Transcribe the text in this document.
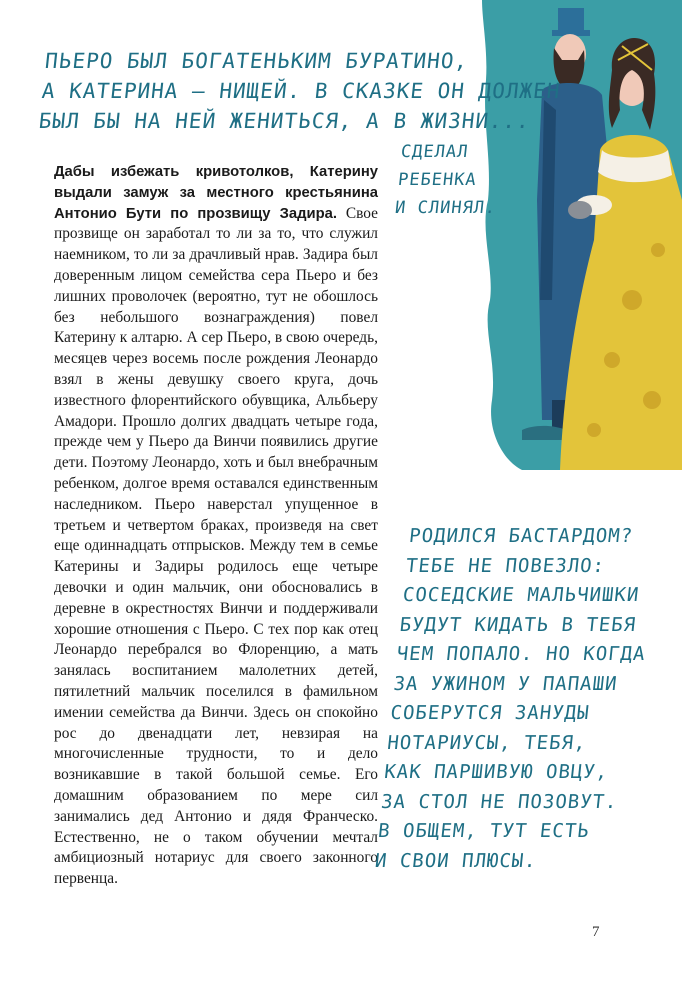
ПЬЕРО БЫЛ БОГАТЕНЬКИМ БУРАТИНО,
А КАТЕРИНА — НИЩЕЙ. В СКАЗКЕ ОН ДОЛЖЕН
БЫЛ БЫ НА НЕЙ ЖЕНИТЬСЯ, А В ЖИЗНИ...
СДЕЛАЛ
РЕБЕНКА
И СЛИНЯЛ.
Дабы избежать кривотолков, Катерину выдали замуж за местного крестьянина Антонио Бути по прозвищу Задира. Свое прозвище он заработал то ли за то, что служил наемником, то ли за драчливый нрав. Задира был доверенным лицом семейства сера Пьеро и без лишних проволочек (вероятно, тут не обошлось без небольшого вознаграждения) повел Катерину к алтарю. А сер Пьеро, в свою очередь, месяцев через восемь после рождения Леонардо взял в жены девушку своего круга, дочь известного флорентийского обувщика, Альбьеру Амадори. Прошло долгих двадцать четыре года, прежде чем у Пьеро да Винчи появились другие дети. Поэтому Леонардо, хоть и был внебрачным ребенком, долгое время оставался единственным наследником. Пьеро наверстал упущенное в третьем и четвертом браках, произведя на свет еще одиннадцать отпрысков. Между тем в семье Катерины и Задиры родилось еще четыре девочки и один мальчик, они обосновались в деревне в окрестностях Винчи и поддерживали хорошие отношения с Пьеро. С тех пор как отец Леонардо перебрался во Флоренцию, а мать занялась воспитанием малолетних детей, пятилетний мальчик поселился в фамильном имении семейства да Винчи. Здесь он спокойно рос до двенадцати лет, невзирая на многочисленные трудности, то и дело возникавшие в такой большой семье. Его домашним образованием по мере сил занимались дед Антонио и дядя Франческо. Естественно, не о таком обучении мечтал амбициозный нотариус для своего законного первенца.
РОДИЛСЯ БАСТАРДОМ?
ТЕБЕ НЕ ПОВЕЗЛО:
СОСЕДСКИЕ МАЛЬЧИШКИ
БУДУТ КИДАТЬ В ТЕБЯ
ЧЕМ ПОПАЛО. НО КОГДА
ЗА УЖИНОМ У ПАПАШИ
СОБЕРУТСЯ ЗАНУДЫ
НОТАРИУСЫ, ТЕБЯ,
КАК ПАРШИВУЮ ОВЦУ,
ЗА СТОЛ НЕ ПОЗОВУТ.
В ОБЩЕМ, ТУТ ЕСТЬ
И СВОИ ПЛЮСЫ.
7
